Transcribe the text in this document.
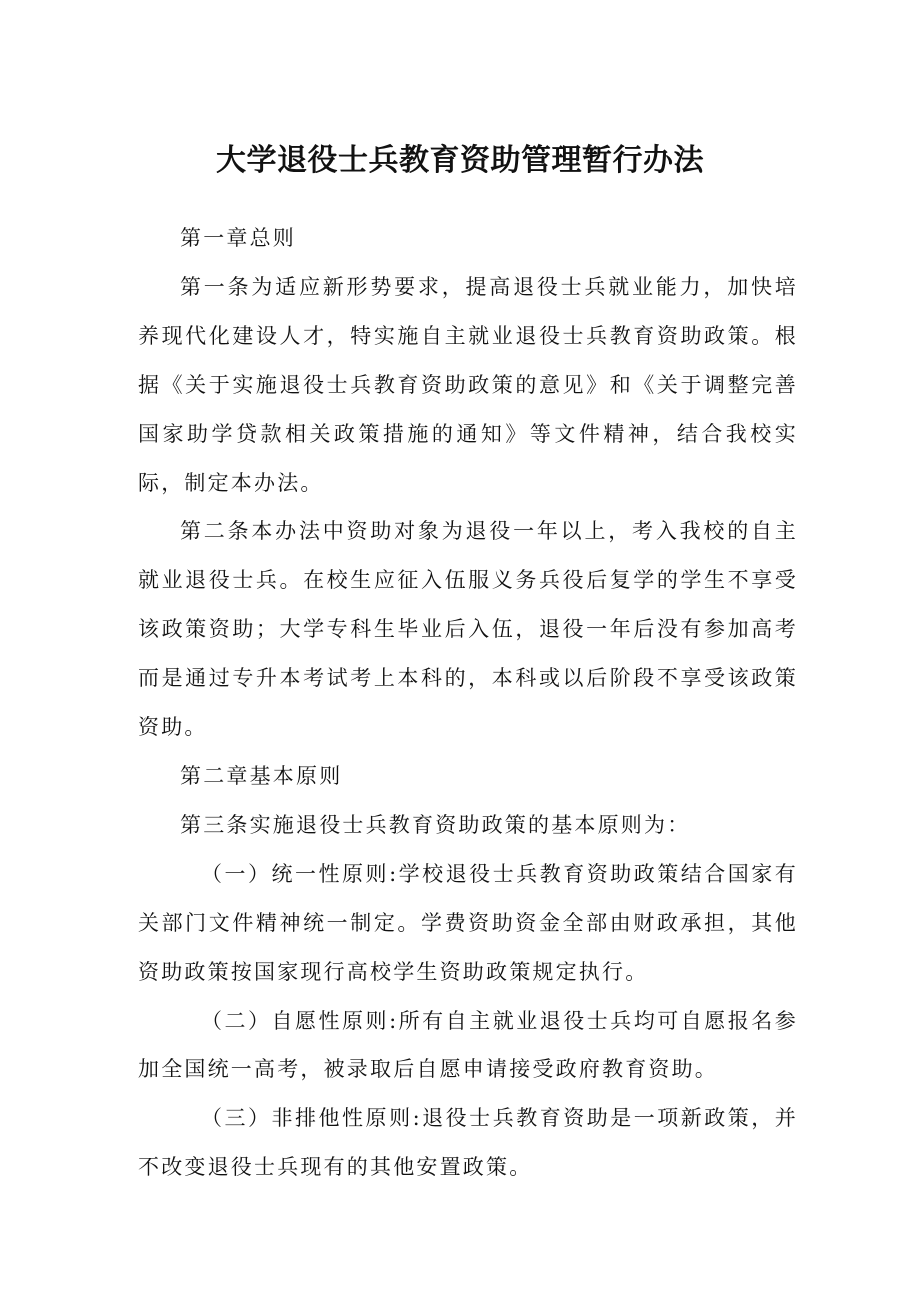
大学退役士兵教育资助管理暂行办法

第一章总则

第一条为适应新形势要求，提高退役士兵就业能力，加快培养现代化建设人才，特实施自主就业退役士兵教育资助政策。根据《关于实施退役士兵教育资助政策的意见》和《关于调整完善国家助学贷款相关政策措施的通知》等文件精神，结合我校实际，制定本办法。

第二条本办法中资助对象为退役一年以上，考入我校的自主就业退役士兵。在校生应征入伍服义务兵役后复学的学生不享受该政策资助；大学专科生毕业后入伍，退役一年后没有参加高考而是通过专升本考试考上本科的，本科或以后阶段不享受该政策资助。

第二章基本原则

第三条实施退役士兵教育资助政策的基本原则为：

（一）统一性原则:学校退役士兵教育资助政策结合国家有关部门文件精神统一制定。学费资助资金全部由财政承担，其他资助政策按国家现行高校学生资助政策规定执行。

（二）自愿性原则:所有自主就业退役士兵均可自愿报名参加全国统一高考，被录取后自愿申请接受政府教育资助。

（三）非排他性原则:退役士兵教育资助是一项新政策，并不改变退役士兵现有的其他安置政策。
